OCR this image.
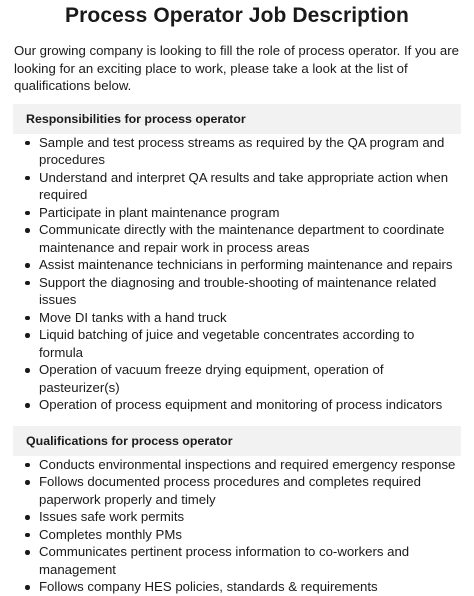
Process Operator Job Description

Our growing company is looking to fill the role of process operator. If you are looking for an exciting place to work, please take a look at the list of qualifications below.

Responsibilities for process operator
Sample and test process streams as required by the QA program and procedures
Understand and interpret QA results and take appropriate action when required
Participate in plant maintenance program
Communicate directly with the maintenance department to coordinate maintenance and repair work in process areas
Assist maintenance technicians in performing maintenance and repairs
Support the diagnosing and trouble-shooting of maintenance related issues
Move DI tanks with a hand truck
Liquid batching of juice and vegetable concentrates according to formula
Operation of vacuum freeze drying equipment, operation of pasteurizer(s)
Operation of process equipment and monitoring of process indicators
Qualifications for process operator
Conducts environmental inspections and required emergency response
Follows documented process procedures and completes required paperwork properly and timely
Issues safe work permits
Completes monthly PMs
Communicates pertinent process information to co-workers and management
Follows company HES policies, standards & requirements
